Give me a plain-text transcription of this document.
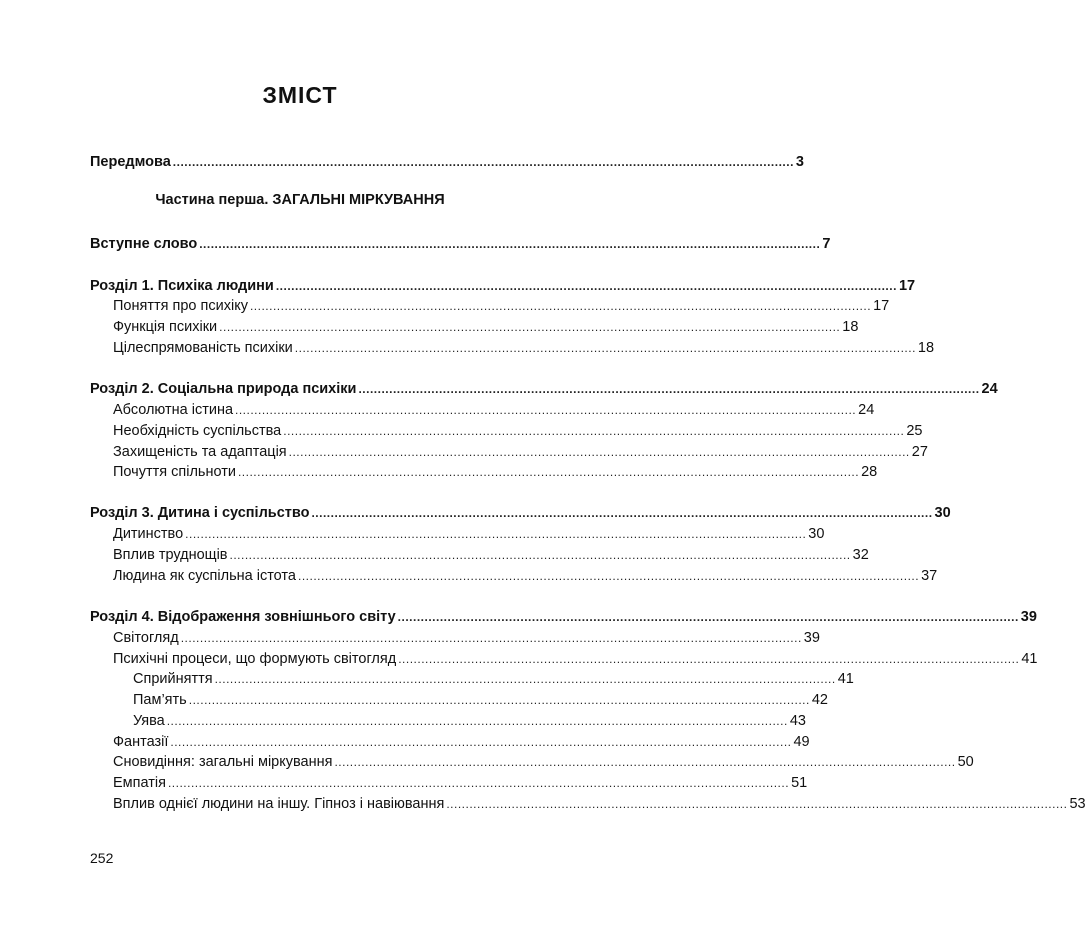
ЗМІСТ
Передмова .................................................................................................................................................................. 3
Частина перша. ЗАГАЛЬНІ МІРКУВАННЯ
Вступне слово .................................................................................................................................................................. 7
Розділ 1. Психіка людини .................................................................................................................................................................. 17
Поняття про психіку .................................................................................................................................................................. 17
Функція психіки .................................................................................................................................................................. 18
Цілеспрямованість психіки .................................................................................................................................................................. 18
Розділ 2. Соціальна природа психіки .................................................................................................................................................................. 24
Абсолютна істина .................................................................................................................................................................. 24
Необхідність суспільства .................................................................................................................................................................. 25
Захищеність та адаптація .................................................................................................................................................................. 27
Почуття спільноти .................................................................................................................................................................. 28
Розділ 3. Дитина і суспільство .................................................................................................................................................................. 30
Дитинство .................................................................................................................................................................. 30
Вплив труднощів .................................................................................................................................................................. 32
Людина як суспільна істота .................................................................................................................................................................. 37
Розділ 4. Відображення зовнішнього світу .................................................................................................................................................................. 39
Світогляд .................................................................................................................................................................. 39
Психічні процеси, що формують світогляд .................................................................................................................................................................. 41
Сприйняття .................................................................................................................................................................. 41
Пам’ять .................................................................................................................................................................. 42
Уява .................................................................................................................................................................. 43
Фантазії .................................................................................................................................................................. 49
Сновидіння: загальні міркування .................................................................................................................................................................. 50
Емпатія .................................................................................................................................................................. 51
Вплив однієї людини на іншу. Гіпноз і навіювання .................................................................................................................................................................. 53
252
